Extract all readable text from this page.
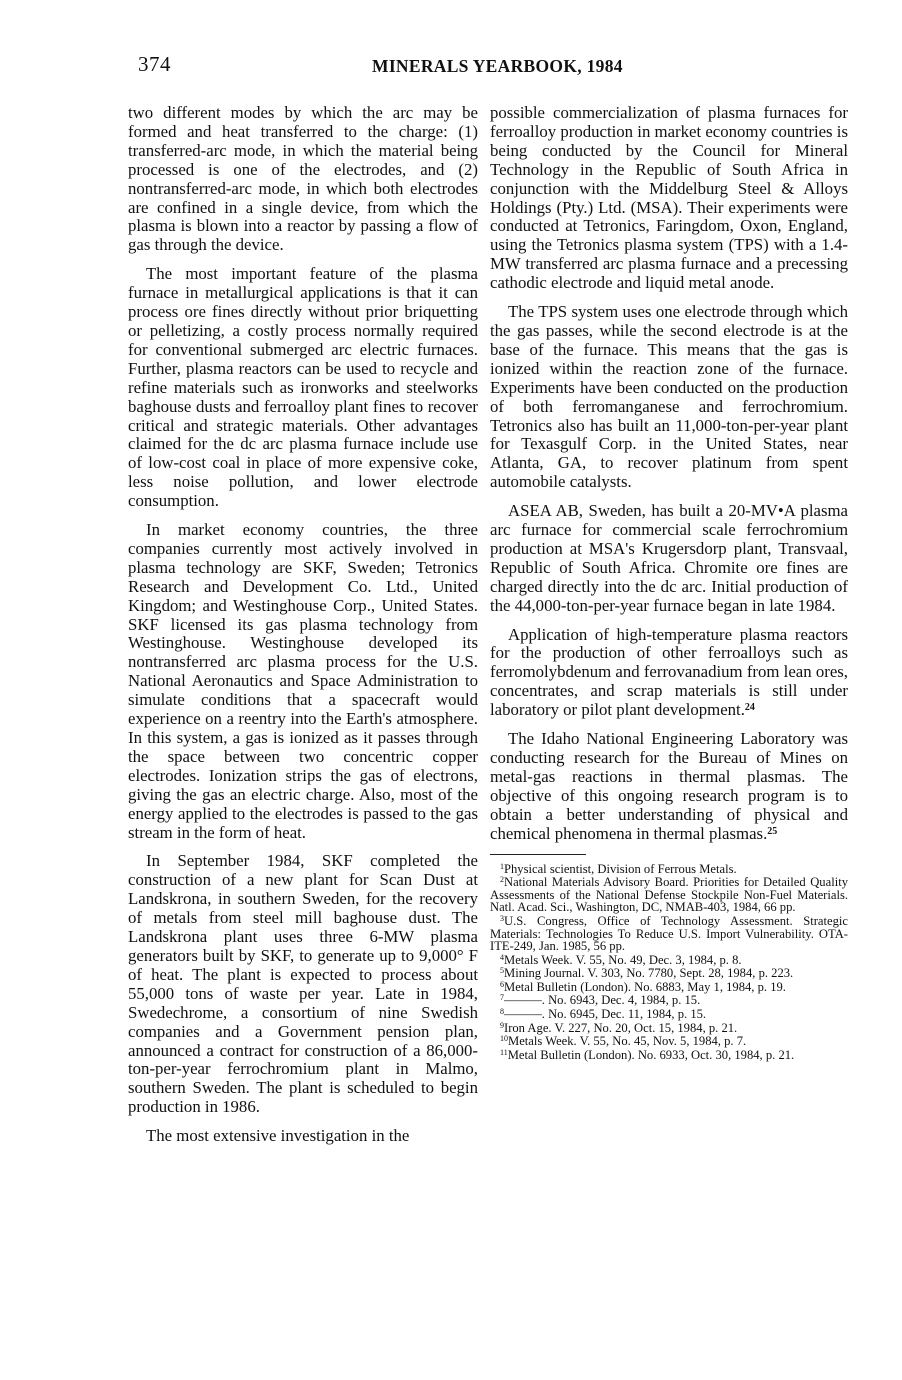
374	MINERALS YEARBOOK, 1984

two different modes by which the arc may be formed and heat transferred to the charge: (1) transferred-arc mode, in which the material being processed is one of the electrodes, and (2) nontransferred-arc mode, in which both electrodes are confined in a single device, from which the plasma is blown into a reactor by passing a flow of gas through the device.

The most important feature of the plasma furnace in metallurgical applications is that it can process ore fines directly without prior briquetting or pelletizing, a costly process normally required for conventional submerged arc electric furnaces. Further, plasma reactors can be used to recycle and refine materials such as ironworks and steelworks baghouse dusts and ferroalloy plant fines to recover critical and strategic materials. Other advantages claimed for the dc arc plasma furnace include use of low-cost coal in place of more expensive coke, less noise pollution, and lower electrode consumption.

In market economy countries, the three companies currently most actively involved in plasma technology are SKF, Sweden; Tetronics Research and Development Co. Ltd., United Kingdom; and Westinghouse Corp., United States. SKF licensed its gas plasma technology from Westinghouse. Westinghouse developed its nontransferred arc plasma process for the U.S. National Aeronautics and Space Administration to simulate conditions that a spacecraft would experience on a reentry into the Earth's atmosphere. In this system, a gas is ionized as it passes through the space between two concentric copper electrodes. Ionization strips the gas of electrons, giving the gas an electric charge. Also, most of the energy applied to the electrodes is passed to the gas stream in the form of heat.

In September 1984, SKF completed the construction of a new plant for Scan Dust at Landskrona, in southern Sweden, for the recovery of metals from steel mill baghouse dust. The Landskrona plant uses three 6-MW plasma generators built by SKF, to generate up to 9,000° F of heat. The plant is expected to process about 55,000 tons of waste per year. Late in 1984, Swedechrome, a consortium of nine Swedish companies and a Government pension plan, announced a contract for construction of a 86,000-ton-per-year ferrochromium plant in Malmo, southern Sweden. The plant is scheduled to begin production in 1986.

The most extensive investigation in the

possible commercialization of plasma furnaces for ferroalloy production in market economy countries is being conducted by the Council for Mineral Technology in the Republic of South Africa in conjunction with the Middelburg Steel & Alloys Holdings (Pty.) Ltd. (MSA). Their experiments were conducted at Tetronics, Faringdom, Oxon, England, using the Tetronics plasma system (TPS) with a 1.4-MW transferred arc plasma furnace and a precessing cathodic electrode and liquid metal anode.

The TPS system uses one electrode through which the gas passes, while the second electrode is at the base of the furnace. This means that the gas is ionized within the reaction zone of the furnace. Experiments have been conducted on the production of both ferromanganese and ferrochromium. Tetronics also has built an 11,000-ton-per-year plant for Texasgulf Corp. in the United States, near Atlanta, GA, to recover platinum from spent automobile catalysts.

ASEA AB, Sweden, has built a 20-MV•A plasma arc furnace for commercial scale ferrochromium production at MSA's Krugersdorp plant, Transvaal, Republic of South Africa. Chromite ore fines are charged directly into the dc arc. Initial production of the 44,000-ton-per-year furnace began in late 1984.

Application of high-temperature plasma reactors for the production of other ferroalloys such as ferromolybdenum and ferrovanadium from lean ores, concentrates, and scrap materials is still under laboratory or pilot plant development.$^{24}$

The Idaho National Engineering Laboratory was conducting research for the Bureau of Mines on metal-gas reactions in thermal plasmas. The objective of this ongoing research program is to obtain a better understanding of physical and chemical phenomena in thermal plasmas.$^{25}$

$^1$Physical scientist, Division of Ferrous Metals.
$^2$National Materials Advisory Board. Priorities for Detailed Quality Assessments of the National Defense Stockpile Non-Fuel Materials. Natl. Acad. Sci., Washington, DC, NMAB-403, 1984, 66 pp.
$^3$U.S. Congress, Office of Technology Assessment. Strategic Materials: Technologies To Reduce U.S. Import Vulnerability. OTA-ITE-249, Jan. 1985, 56 pp.
$^4$Metals Week. V. 55, No. 49, Dec. 3, 1984, p. 8.
$^5$Mining Journal. V. 303, No. 7780, Sept. 28, 1984, p. 223.
$^6$Metal Bulletin (London). No. 6883, May 1, 1984, p. 19.
$^7$———. No. 6943, Dec. 4, 1984, p. 15.
$^8$———. No. 6945, Dec. 11, 1984, p. 15.
$^9$Iron Age. V. 227, No. 20, Oct. 15, 1984, p. 21.
$^{10}$Metals Week. V. 55, No. 45, Nov. 5, 1984, p. 7.
$^{11}$Metal Bulletin (London). No. 6933, Oct. 30, 1984, p. 21.
